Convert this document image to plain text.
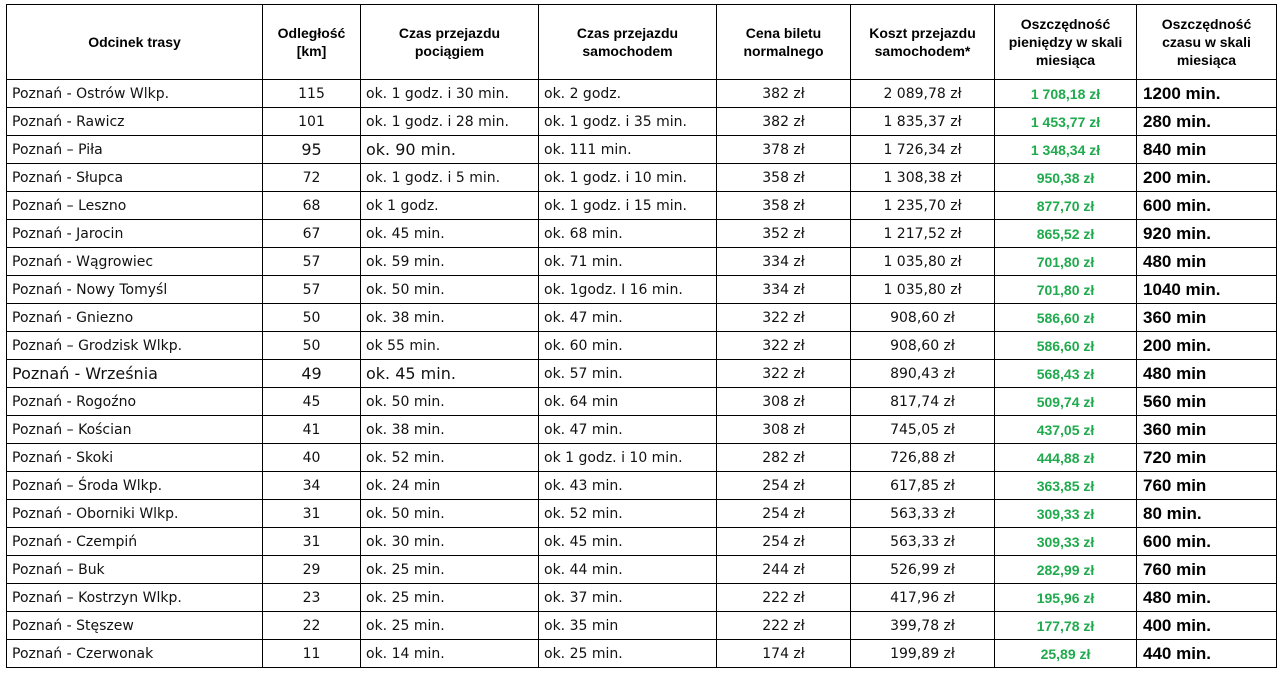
Odcinek trasy	Odległość [km]	Czas przejazdu pociągiem	Czas przejazdu samochodem	Cena biletu normalnego	Koszt przejazdu samochodem*	Oszczędność pieniędzy w skali miesiąca	Oszczędność czasu w skali miesiąca
Poznań - Ostrów Wlkp.	115	ok. 1 godz. i 30 min.	ok. 2 godz.	382 zł	2 089,78 zł	1 708,18 zł	1200 min.
Poznań - Rawicz	101	ok. 1 godz. i 28 min.	ok. 1 godz. i 35 min.	382 zł	1 835,37 zł	1 453,77 zł	280 min.
Poznań – Piła	95	ok. 90 min.	ok. 111 min.	378 zł	1 726,34 zł	1 348,34 zł	840 min
Poznań - Słupca	72	ok. 1 godz. i 5 min.	ok. 1 godz. i 10 min.	358 zł	1 308,38 zł	950,38 zł	200 min.
Poznań – Leszno	68	ok 1 godz.	ok. 1 godz. i 15 min.	358 zł	1 235,70 zł	877,70 zł	600 min.
Poznań - Jarocin	67	ok. 45 min.	ok. 68 min.	352 zł	1 217,52 zł	865,52 zł	920 min.
Poznań - Wągrowiec	57	ok. 59 min.	ok. 71 min.	334 zł	1 035,80 zł	701,80 zł	480 min
Poznań - Nowy Tomyśl	57	ok. 50 min.	ok. 1godz. I 16 min.	334 zł	1 035,80 zł	701,80 zł	1040 min.
Poznań - Gniezno	50	ok. 38 min.	ok. 47 min.	322 zł	908,60 zł	586,60 zł	360 min
Poznań – Grodzisk Wlkp.	50	ok 55 min.	ok. 60 min.	322 zł	908,60 zł	586,60 zł	200 min.
Poznań - Września	49	ok. 45 min.	ok. 57 min.	322 zł	890,43 zł	568,43 zł	480 min
Poznań - Rogoźno	45	ok. 50 min.	ok. 64 min	308 zł	817,74 zł	509,74 zł	560 min
Poznań – Kościan	41	ok. 38 min.	ok. 47 min.	308 zł	745,05 zł	437,05 zł	360 min
Poznań - Skoki	40	ok. 52 min.	ok 1 godz. i 10 min.	282 zł	726,88 zł	444,88 zł	720 min
Poznań – Środa Wlkp.	34	ok. 24 min	ok. 43 min.	254 zł	617,85 zł	363,85 zł	760 min
Poznań - Oborniki Wlkp.	31	ok. 50 min.	ok. 52 min.	254 zł	563,33 zł	309,33 zł	80 min.
Poznań - Czempiń	31	ok. 30 min.	ok. 45 min.	254 zł	563,33 zł	309,33 zł	600 min.
Poznań – Buk	29	ok. 25 min.	ok. 44 min.	244 zł	526,99 zł	282,99 zł	760 min
Poznań – Kostrzyn Wlkp.	23	ok. 25 min.	ok. 37 min.	222 zł	417,96 zł	195,96 zł	480 min.
Poznań - Stęszew	22	ok. 25 min.	ok. 35 min	222 zł	399,78 zł	177,78 zł	400 min.
Poznań - Czerwonak	11	ok. 14 min.	ok. 25 min.	174 zł	199,89 zł	25,89 zł	440 min.
